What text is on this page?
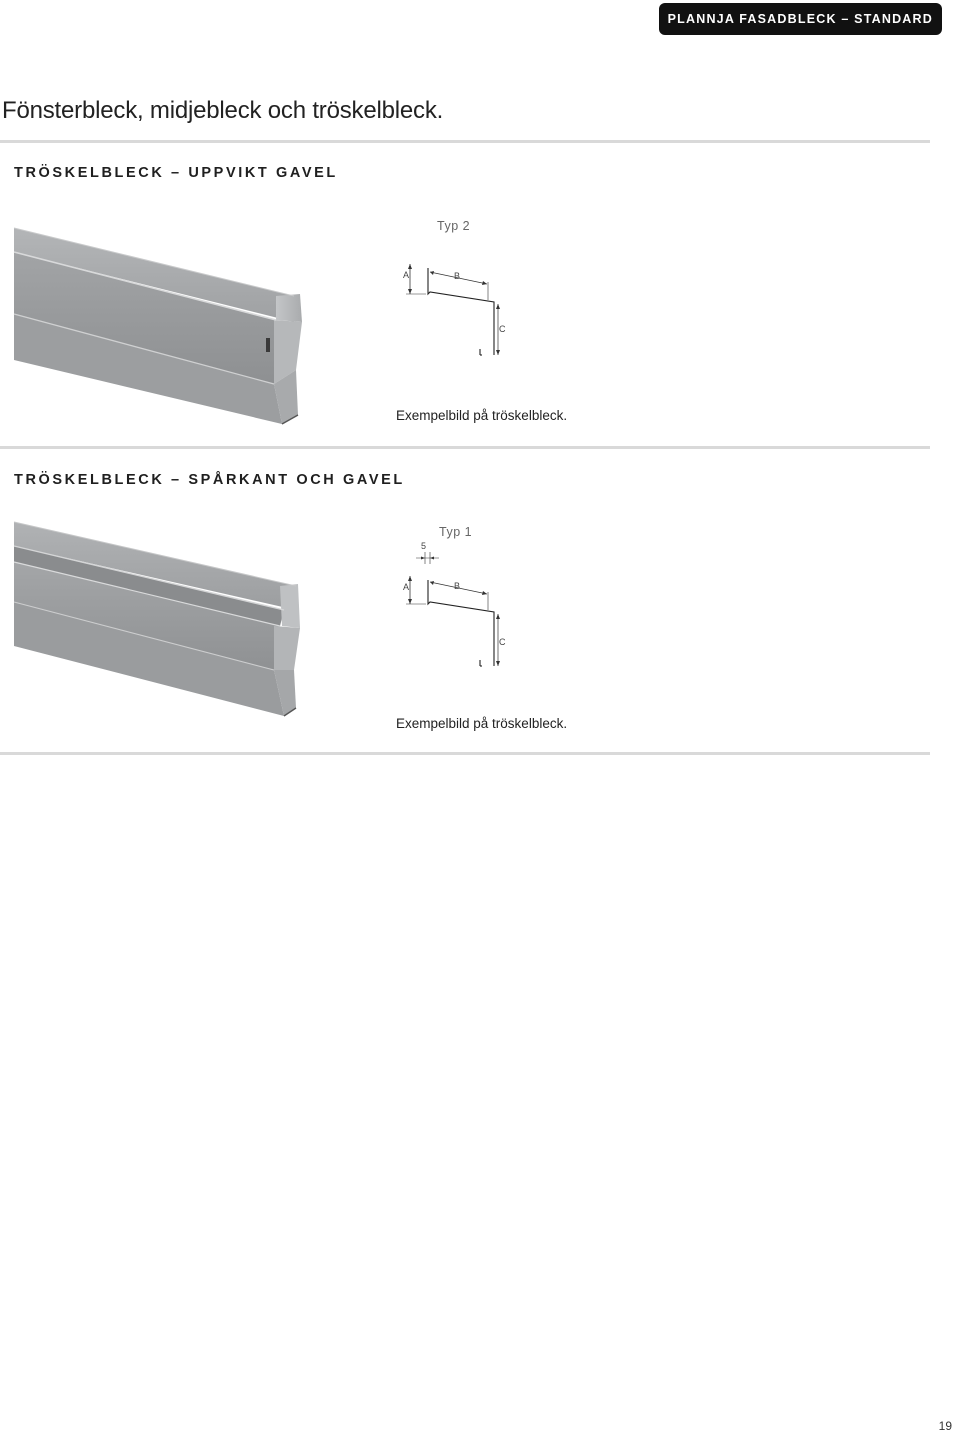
PLANNJA FASADBLECK – STANDARD
Fönsterbleck, midjebleck och tröskelbleck.
TRÖSKELBLECK – UPPVIKT GAVEL
Typ 2
A	B
C
Exempelbild på tröskelbleck.
TRÖSKELBLECK – SPÅRKANT OCH GAVEL
Typ 1
5
A	B
C
Exempelbild på tröskelbleck.
19
